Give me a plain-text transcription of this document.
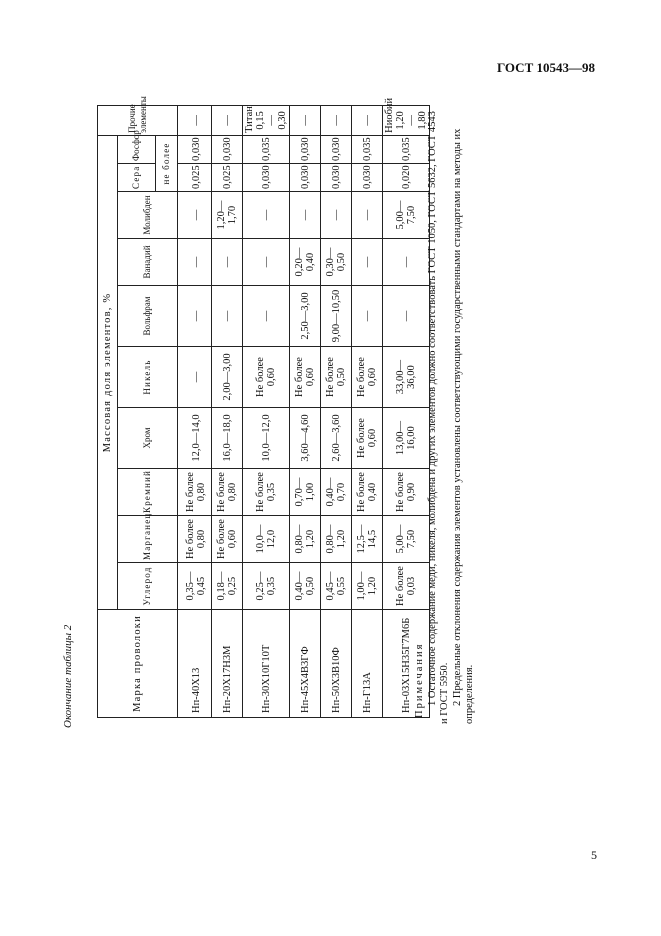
ГОСТ 10543—98
Окончание таблицы 2	Марка проволоки	Массовая доля элементов, %										Прочие элементы
	Углерод	Марганец	Кремний	Хром	Никель	Вольфрам	Ванадий	Молибден	Сера	Фосфор	
									не более		
Нп-40Х13	0,35—0,45	Не более 0,80	Не более 0,80	12,0—14,0	—	—	—	—	0,025	0,030	—
Нп-20Х17Н3М	0,18—0,25	Не более 0,60	Не более 0,80	16,0—18,0	2,00—3,00	—	—	1,20—1,70	0,025	0,030	—
Нп-30Х10Г10Т	0,25—0,35	10,0—12,0	Не более 0,35	10,0—12,0	Не более 0,60	—	—	—	0,030	0,035	Титан 0,15—0,30
Нп-45Х4В3ГФ	0,40—0,50	0,80—1,20	0,70—1,00	3,60—4,60	Не более 0,60	2,50—3,00	0,20—0,40	—	0,030	0,030	—
Нп-50Х3В10Ф	0,45—0,55	0,80—1,20	0,40—0,70	2,60—3,60	Не более 0,50	9,00—10,50	0,30—0,50	—	0,030	0,030	—
Нп-Г13А	1,00—1,20	12,5—14,5	Не более 0,40	Не более 0,60	Не более 0,60	—	—	—	0,030	0,035	—
Нп-03Х15Н35Г7М6Б	Не более 0,03	5,00—7,50	Не более 0,90	13,00—16,00	33,00—36,00	—	—	5,00—7,50	0,020	0,035	Ниобий 1,20—1,80

Примечания 1 Остаточное содержание меди, никеля, молибдена и других элементов должно соответствовать ГОСТ 1050, ГОСТ 5632, ГОСТ 4543 и ГОСТ 5950. 2 Предельные отклонения содержания элементов установлены соответствующими государственными стандартами на методы их определения.

5
